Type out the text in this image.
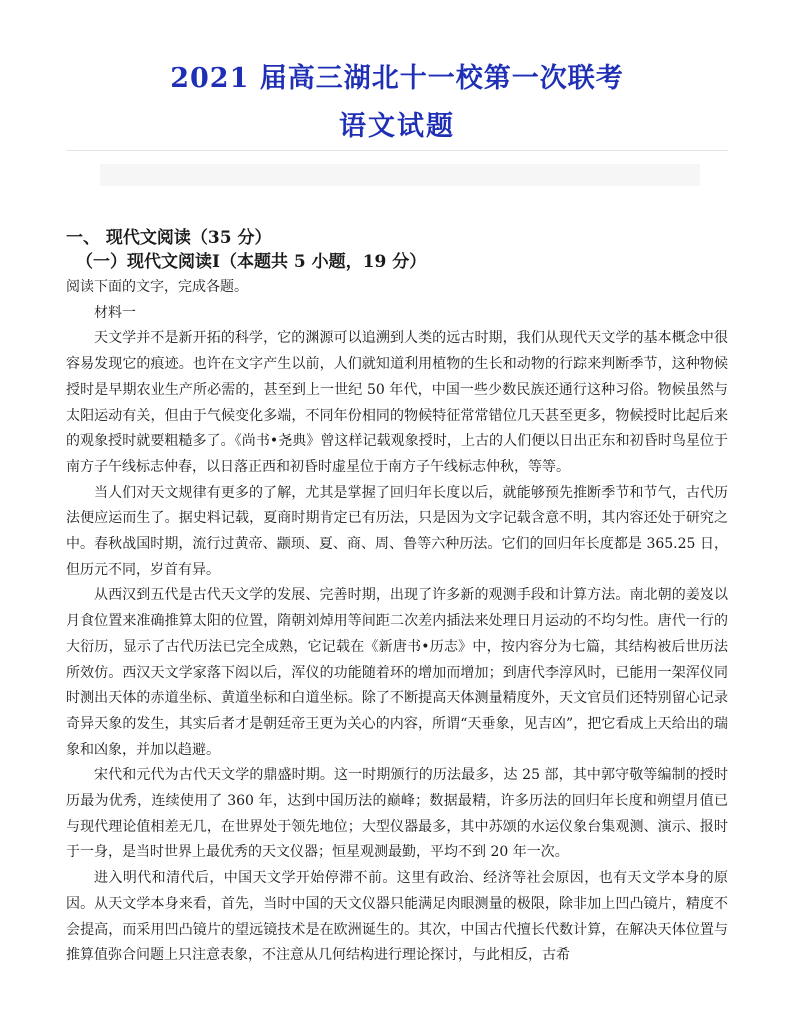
2021 届高三湖北十一校第一次联考
语文试题
一、 现代文阅读（35 分）
（一）现代文阅读Ⅰ（本题共 5 小题，19 分）

阅读下面的文字，完成各题。

材料一

天文学并不是新开拓的科学，它的渊源可以追溯到人类的远古时期，我们从现代天文学的基本概念中很容易发现它的痕迹。也许在文字产生以前，人们就知道利用植物的生长和动物的行踪来判断季节，这种物候授时是早期农业生产所必需的，甚至到上一世纪 50 年代，中国一些少数民族还通行这种习俗。物候虽然与太阳运动有关，但由于气候变化多端，不同年份相同的物候特征常常错位几天甚至更多，物候授时比起后来的观象授时就要粗糙多了。《尚书•尧典》曾这样记载观象授时，上古的人们便以日出正东和初昏时鸟星位于南方子午线标志仲春，以日落正西和初昏时虚星位于南方子午线标志仲秋，等等。

当人们对天文规律有更多的了解，尤其是掌握了回归年长度以后，就能够预先推断季节和节气，古代历法便应运而生了。据史料记载，夏商时期肯定已有历法，只是因为文字记载含意不明，其内容还处于研究之中。春秋战国时期，流行过黄帝、颛顼、夏、商、周、鲁等六种历法。它们的回归年长度都是 365.25 日，但历元不同，岁首有异。

从西汉到五代是古代天文学的发展、完善时期，出现了许多新的观测手段和计算方法。南北朝的姜岌以月食位置来准确推算太阳的位置，隋朝刘焯用等间距二次差内插法来处理日月运动的不均匀性。唐代一行的大衍历，显示了古代历法已完全成熟，它记载在《新唐书•历志》中，按内容分为七篇，其结构被后世历法所效仿。西汉天文学家落下闳以后，浑仪的功能随着环的增加而增加；到唐代李淳风时，已能用一架浑仪同时测出天体的赤道坐标、黄道坐标和白道坐标。除了不断提高天体测量精度外，天文官员们还特别留心记录奇异天象的发生，其实后者才是朝廷帝王更为关心的内容，所谓“天垂象，见吉凶”，把它看成上天给出的瑞象和凶象，并加以趋避。

宋代和元代为古代天文学的鼎盛时期。这一时期颁行的历法最多，达 25 部，其中郭守敬等编制的授时历最为优秀，连续使用了 360 年，达到中国历法的巅峰；数据最精，许多历法的回归年长度和朔望月值已与现代理论值相差无几，在世界处于领先地位；大型仪器最多，其中苏颂的水运仪象台集观测、演示、报时于一身，是当时世界上最优秀的天文仪器；恒星观测最勤，平均不到 20 年一次。

进入明代和清代后，中国天文学开始停滞不前。这里有政治、经济等社会原因，也有天文学本身的原因。从天文学本身来看，首先，当时中国的天文仪器只能满足肉眼测量的极限，除非加上凹凸镜片，精度不会提高，而采用凹凸镜片的望远镜技术是在欧洲诞生的。其次，中国古代擅长代数计算，在解决天体位置与推算值弥合问题上只注意表象，不注意从几何结构进行理论探讨，与此相反，古希
